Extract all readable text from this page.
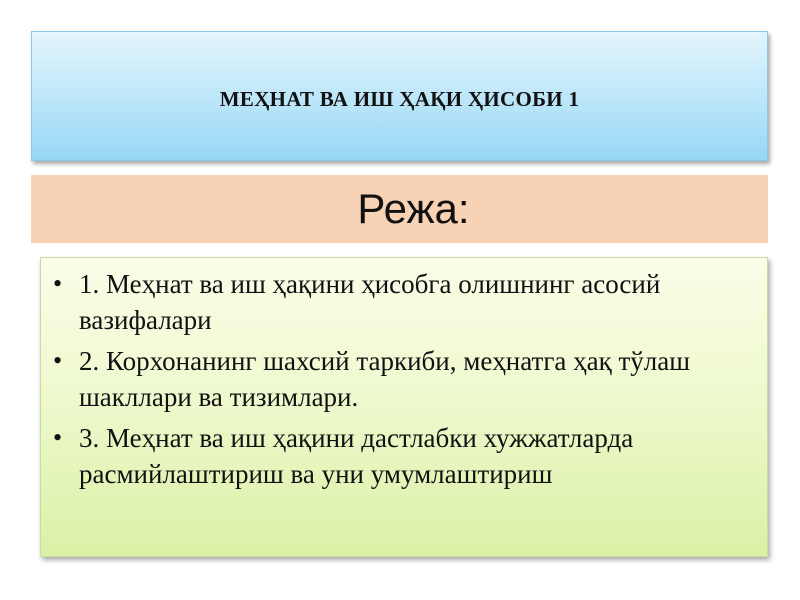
МЕҲНАТ ВА ИШ ҲАҚИ ҲИСОБИ 1
Режа:
• 1. Меҳнат ва иш ҳақини ҳисобга олишнинг асосий вазифалари
• 2. Корхонанинг шахсий таркиби, меҳнатга ҳақ тўлаш шакллари ва тизимлари.
• 3. Меҳнат ва иш ҳақини дастлабки хужжатларда расмийлаштириш ва уни умумлаштириш
